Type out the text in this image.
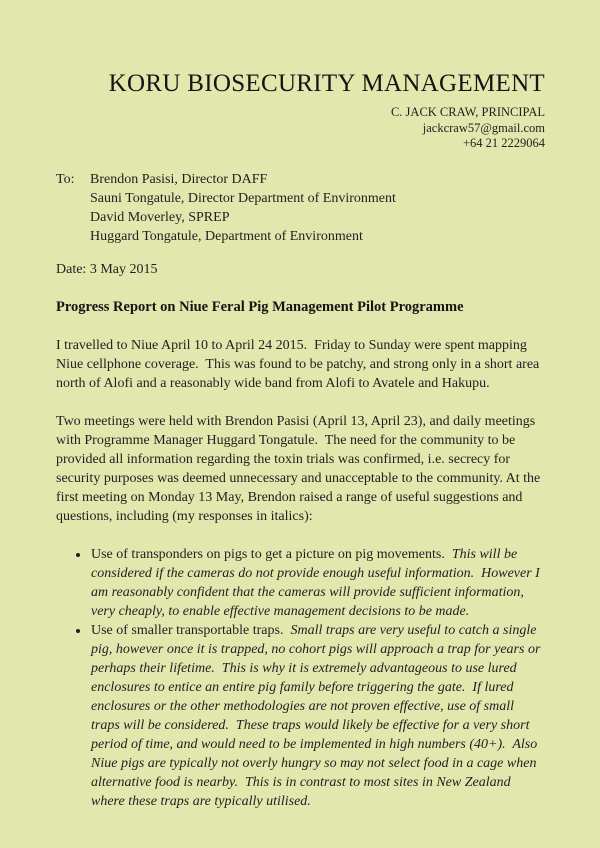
KORU BIOSECURITY MANAGEMENT
C. JACK CRAW, PRINCIPAL
jackcraw57@gmail.com
+64 21 2229064
To:	Brendon Pasisi, Director DAFF
Sauni Tongatule, Director Department of Environment
David Moverley, SPREP
Huggard Tongatule, Department of Environment
Date: 3 May 2015
Progress Report on Niue Feral Pig Management Pilot Programme

I travelled to Niue April 10 to April 24 2015.  Friday to Sunday were spent mapping Niue cellphone coverage.  This was found to be patchy, and strong only in a short area north of Alofi and a reasonably wide band from Alofi to Avatele and Hakupu.

Two meetings were held with Brendon Pasisi (April 13, April 23), and daily meetings with Programme Manager Huggard Tongatule.  The need for the community to be provided all information regarding the toxin trials was confirmed, i.e. secrecy for security purposes was deemed unnecessary and unacceptable to the community. At the first meeting on Monday 13 May, Brendon raised a range of useful suggestions and questions, including (my responses in italics):

• Use of transponders on pigs to get a picture on pig movements.  This will be considered if the cameras do not provide enough useful information.  However I am reasonably confident that the cameras will provide sufficient information, very cheaply, to enable effective management decisions to be made.
• Use of smaller transportable traps.  Small traps are very useful to catch a single pig, however once it is trapped, no cohort pigs will approach a trap for years or perhaps their lifetime.  This is why it is extremely advantageous to use lured enclosures to entice an entire pig family before triggering the gate.  If lured enclosures or the other methodologies are not proven effective, use of small traps will be considered.  These traps would likely be effective for a very short period of time, and would need to be implemented in high numbers (40+).  Also Niue pigs are typically not overly hungry so may not select food in a cage when alternative food is nearby.  This is in contrast to most sites in New Zealand where these traps are typically utilised.
